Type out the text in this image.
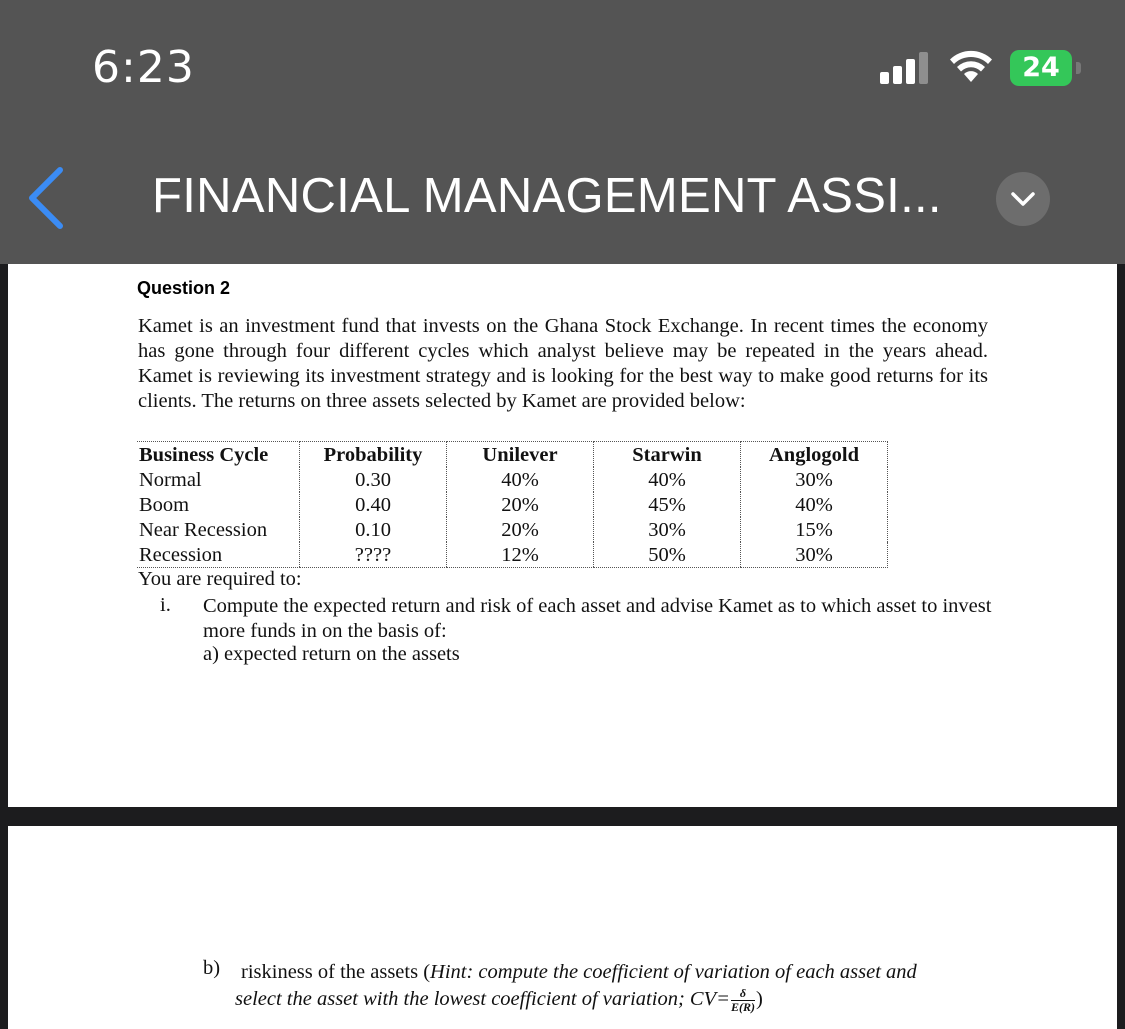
6:23	24
FINANCIAL MANAGEMENT ASSI...
Question 2
Kamet is an investment fund that invests on the Ghana Stock Exchange. In recent times the economy has gone through four different cycles which analyst believe may be repeated in the years ahead. Kamet is reviewing its investment strategy and is looking for the best way to make good returns for its clients. The returns on three assets selected by Kamet are provided below:
Business Cycle	Probability	Unilever	Starwin	Anglogold
Normal	0.30	40%	40%	30%
Boom	0.40	20%	45%	40%
Near Recession	0.10	20%	30%	15%
Recession	????	12%	50%	30%
You are required to:
i. Compute the expected return and risk of each asset and advise Kamet as to which asset to invest more funds in on the basis of:
a) expected return on the assets
b) riskiness of the assets (Hint: compute the coefficient of variation of each asset and
select the asset with the lowest coefficient of variation; $CV= \frac{\delta}{E(R)}$ )
